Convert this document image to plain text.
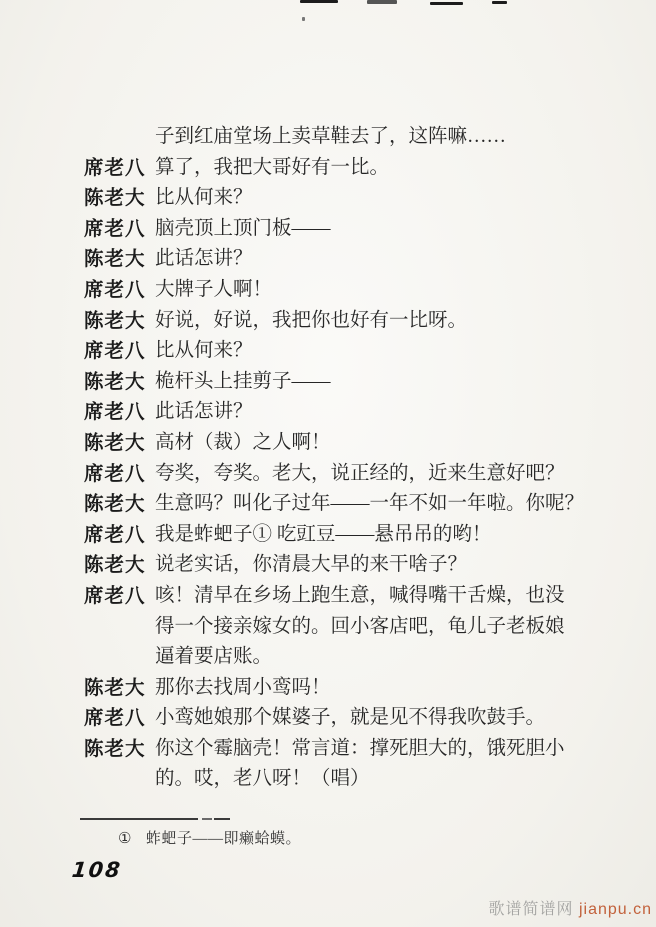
子到红庙堂场上卖草鞋去了，这阵嘛……
席老八 算了，我把大哥好有一比。
陈老大 比从何来？
席老八 脑壳顶上顶门板——
陈老大 此话怎讲？
席老八 大牌子人啊！
陈老大 好说，好说，我把你也好有一比呀。
席老八 比从何来？
陈老大 桅杆头上挂剪子——
席老八 此话怎讲？
陈老大 高材（裁）之人啊！
席老八 夸奖，夸奖。老大，说正经的，近来生意好吧？
陈老大 生意吗？叫化子过年——一年不如一年啦。你呢？
席老八 我是蚱蚆子① 吃豇豆——悬吊吊的哟！
陈老大 说老实话，你清晨大早的来干啥子？
席老八 咳！清早在乡场上跑生意，喊得嘴干舌燥，也没
得一个接亲嫁女的。回小客店吧，龟儿子老板娘
逼着要店账。
陈老大 那你去找周小鸾吗！
席老八 小鸾她娘那个媒婆子，就是见不得我吹鼓手。
陈老大 你这个霉脑壳！常言道：撑死胆大的，饿死胆小
的。哎，老八呀！（唱）
① 蚱蚆子——即癞蛤蟆。
108
歌谱简谱网 jianpu.cn
